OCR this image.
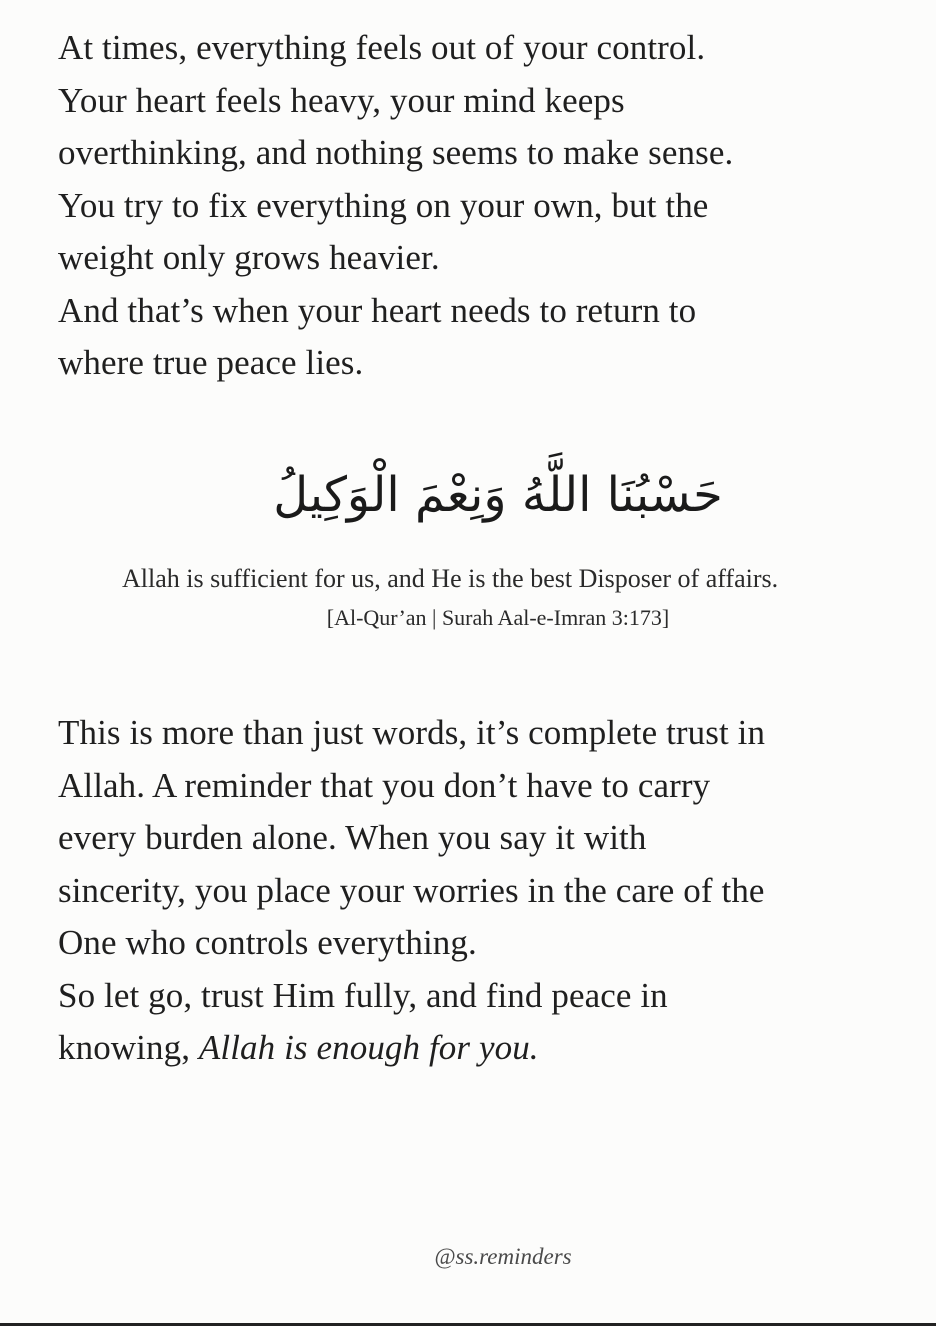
At times, everything feels out of your control.
Your heart feels heavy, your mind keeps
overthinking, and nothing seems to make sense.
You try to fix everything on your own, but the
weight only grows heavier.
And that’s when your heart needs to return to
where true peace lies.
حَسْبُنَا اللَّهُ وَنِعْمَ الْوَكِيلُ
Allah is sufficient for us, and He is the best Disposer of affairs.
[Al-Qur’an | Surah Aal-e-Imran 3:173]
This is more than just words, it’s complete trust in
Allah. A reminder that you don’t have to carry
every burden alone. When you say it with
sincerity, you place your worries in the care of the
One who controls everything.
So let go, trust Him fully, and find peace in
knowing, Allah is enough for you.
@ss.reminders
